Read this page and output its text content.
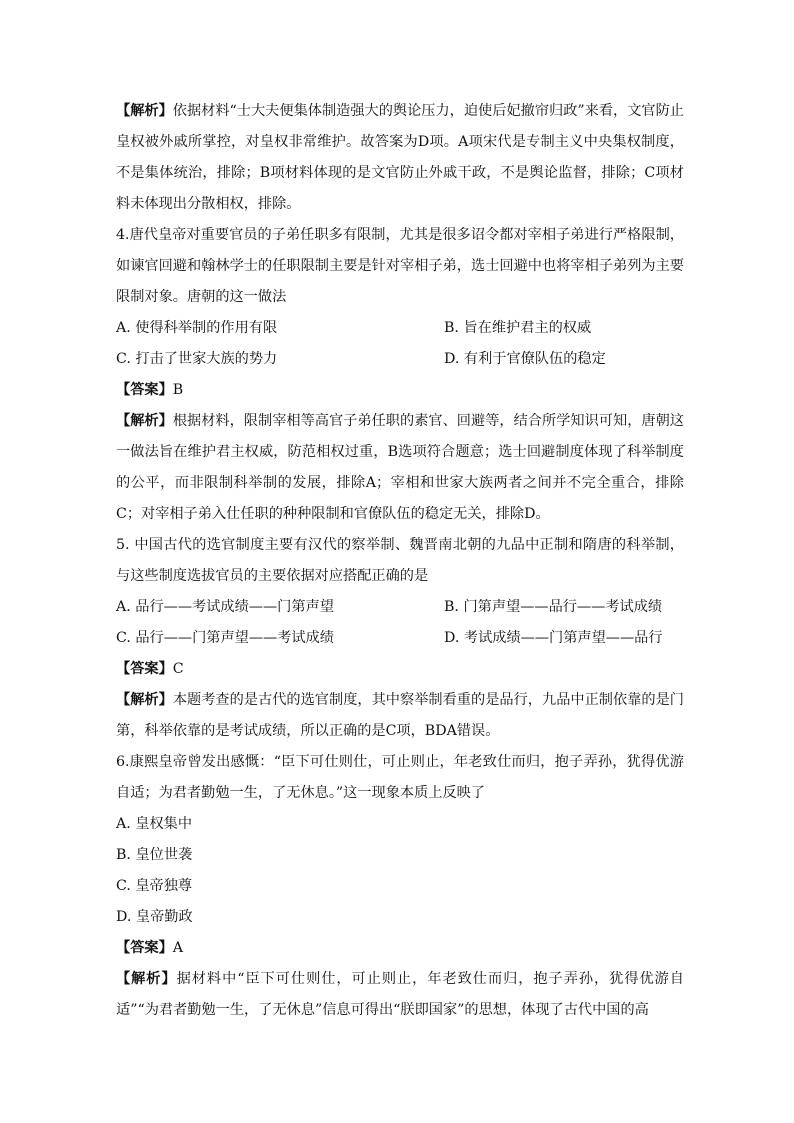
【解析】依据材料“士大夫便集体制造强大的舆论压力，迫使后妃撤帘归政”来看，文官防止皇权被外戚所掌控，对皇权非常维护。故答案为D项。A项宋代是专制主义中央集权制度，不是集体统治，排除；B项材料体现的是文官防止外戚干政，不是舆论监督，排除；C项材料未体现出分散相权，排除。

4.唐代皇帝对重要官员的子弟任职多有限制，尤其是很多诏令都对宰相子弟进行严格限制，如谏官回避和翰林学士的任职限制主要是针对宰相子弟，选士回避中也将宰相子弟列为主要限制对象。唐朝的这一做法

A. 使得科举制的作用有限	B. 旨在维护君主的权威
C. 打击了世家大族的势力	D. 有利于官僚队伍的稳定

【答案】B

【解析】根据材料，限制宰相等高官子弟任职的素官、回避等，结合所学知识可知，唐朝这一做法旨在维护君主权威，防范相权过重，B选项符合题意；选士回避制度体现了科举制度的公平，而非限制科举制的发展，排除A；宰相和世家大族两者之间并不完全重合，排除C；对宰相子弟入仕任职的种种限制和官僚队伍的稳定无关，排除D。

5. 中国古代的选官制度主要有汉代的察举制、魏晋南北朝的九品中正制和隋唐的科举制，与这些制度选拔官员的主要依据对应搭配正确的是

A. 品行——考试成绩——门第声望	B. 门第声望——品行——考试成绩
C. 品行——门第声望——考试成绩	D. 考试成绩——门第声望——品行

【答案】C

【解析】本题考查的是古代的选官制度，其中察举制看重的是品行，九品中正制依靠的是门第，科举依靠的是考试成绩，所以正确的是C项，BDA错误。

6.康熙皇帝曾发出感慨：“臣下可仕则仕，可止则止，年老致仕而归，抱子弄孙，犹得优游自适；为君者勤勉一生，了无休息。”这一现象本质上反映了

A. 皇权集中

B. 皇位世袭

C. 皇帝独尊

D. 皇帝勤政

【答案】A

【解析】据材料中“臣下可仕则仕，可止则止，年老致仕而归，抱子弄孙，犹得优游自适”“为君者勤勉一生，了无休息”信息可得出“朕即国家”的思想，体现了古代中国的高
